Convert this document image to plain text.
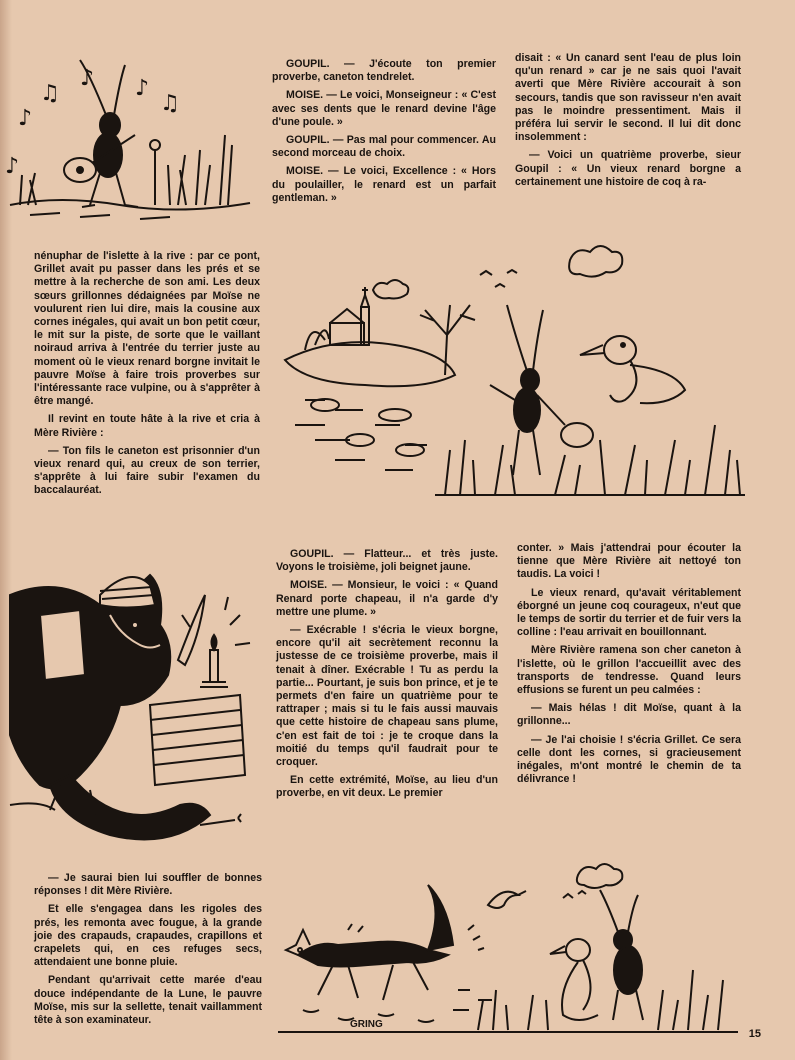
♪
♫
♪ ♪
♫
♪

GOUPIL. — J'écoute ton premier proverbe, caneton tendrelet.

MOISE. — Le voici, Monseigneur : « C'est avec ses dents que le renard devine l'âge d'une poule. »

GOUPIL. — Pas mal pour commencer. Au second morceau de choix.

MOISE. — Le voici, Excellence : « Hors du poulailler, le renard est un parfait gentleman. »

disait : « Un canard sent l'eau de plus loin qu'un renard » car je ne sais quoi l'avait averti que Mère Rivière accourait à son secours, tandis que son ravisseur n'en avait pas le moindre pressentiment. Mais il préféra lui servir le second. Il lui dit donc insolemment :

— Voici un quatrième proverbe, sieur Goupil : « Un vieux renard borgne a certainement une histoire de coq à ra-

nénuphar de l'islette à la rive : par ce pont, Grillet avait pu passer dans les prés et se mettre à la recherche de son ami. Les deux sœurs grillonnes dédaignées par Moïse ne voulurent rien lui dire, mais la cousine aux cornes inégales, qui avait un bon petit cœur, le mit sur la piste, de sorte que le vaillant noiraud arriva à l'entrée du terrier juste au moment où le vieux renard borgne invitait le pauvre Moïse à faire trois proverbes sur l'intéressante race vulpine, ou à s'apprêter à être mangé.

Il revint en toute hâte à la rive et cria à Mère Rivière :

— Ton fils le caneton est prisonnier d'un vieux renard qui, au creux de son terrier, s'apprête à lui faire subir l'examen du baccalauréat.

GOUPIL. — Flatteur... et très juste. Voyons le troisième, joli beignet jaune.

MOISE. — Monsieur, le voici : « Quand Renard porte chapeau, il n'a garde d'y mettre une plume. »

— Exécrable ! s'écria le vieux borgne, encore qu'il ait secrètement reconnu la justesse de ce troisième proverbe, mais il tenait à dîner. Exécrable ! Tu as perdu la partie... Pourtant, je suis bon prince, et je te permets d'en faire un quatrième pour te rattraper ; mais si tu le fais aussi mauvais que cette histoire de chapeau sans plume, c'en est fait de toi : je te croque dans la moitié du temps qu'il faudrait pour te croquer.

En cette extrémité, Moïse, au lieu d'un proverbe, en vit deux. Le premier

conter. » Mais j'attendrai pour écouter la tienne que Mère Rivière ait nettoyé ton taudis. La voici !

Le vieux renard, qu'avait véritablement éborgné un jeune coq courageux, n'eut que le temps de sortir du terrier et de fuir vers la colline : l'eau arrivait en bouillonnant.

Mère Rivière ramena son cher caneton à l'islette, où le grillon l'accueillit avec des transports de tendresse. Quand leurs effusions se furent un peu calmées :

— Mais hélas ! dit Moïse, quant à la grillonne...

— Je l'ai choisie ! s'écria Grillet. Ce sera celle dont les cornes, si gracieusement inégales, m'ont montré le chemin de ta délivrance !

— Je saurai bien lui souffler de bonnes réponses ! dit Mère Rivière.

Et elle s'engagea dans les rigoles des prés, les remonta avec fougue, à la grande joie des crapauds, crapaudes, crapillons et crapelets qui, en ces refuges secs, attendaient une bonne pluie.

Pendant qu'arrivait cette marée d'eau douce indépendante de la Lune, le pauvre Moïse, mis sur la sellette, tenait vaillamment tête à son examinateur.	GRING
15
